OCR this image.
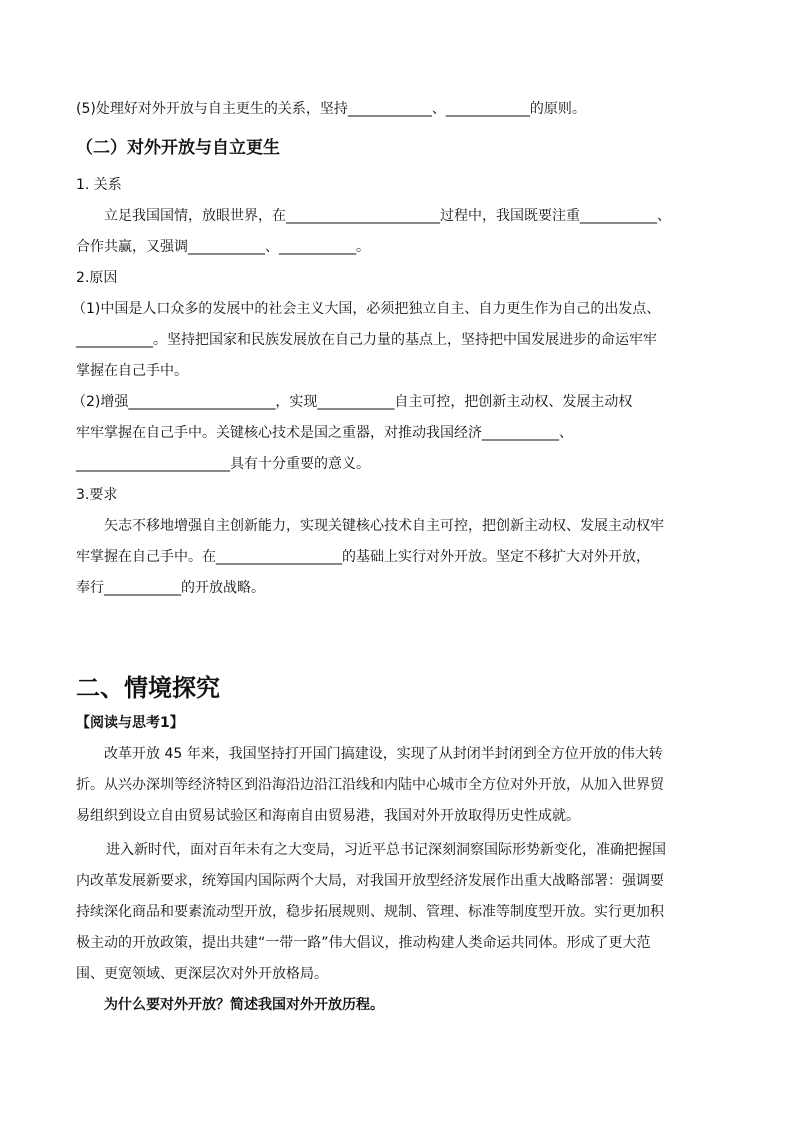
(5)处理好对外开放与自主更生的关系，坚持____________、____________的原则。
（二）对外开放与自立更生
1. 关系
立足我国国情，放眼世界，在______________________过程中，我国既要注重___________、
合作共赢，又强调___________、___________。
2.原因
（1)中国是人口众多的发展中的社会主义大国，必须把独立自主、自力更生作为自己的出发点、
___________。坚持把国家和民族发展放在自己力量的基点上，坚持把中国发展进步的命运牢牢
掌握在自己手中。
（2)增强_____________________，实现___________自主可控，把创新主动权、发展主动权
牢牢掌握在自己手中。关键核心技术是国之重器，对推动我国经济___________、
______________________具有十分重要的意义。
3.要求
矢志不移地增强自主创新能力，实现关键核心技术自主可控，把创新主动权、发展主动权牢
牢掌握在自己手中。在__________________的基础上实行对外开放。坚定不移扩大对外开放，
奉行___________的开放战略。
二、情境探究
【阅读与思考1】
改革开放 45 年来，我国坚持打开国门搞建设，实现了从封闭半封闭到全方位开放的伟大转
折。从兴办深圳等经济特区到沿海沿边沿江沿线和内陆中心城市全方位对外开放，从加入世界贸
易组织到设立自由贸易试验区和海南自由贸易港，我国对外开放取得历史性成就。
进入新时代，面对百年未有之大变局，习近平总书记深刻洞察国际形势新变化，准确把握国
内改革发展新要求，统筹国内国际两个大局，对我国开放型经济发展作出重大战略部署：强调要
持续深化商品和要素流动型开放，稳步拓展规则、规制、管理、标准等制度型开放。实行更加积
极主动的开放政策，提出共建“一带一路”伟大倡议，推动构建人类命运共同体。形成了更大范
围、更宽领域、更深层次对外开放格局。
为什么要对外开放？简述我国对外开放历程。
